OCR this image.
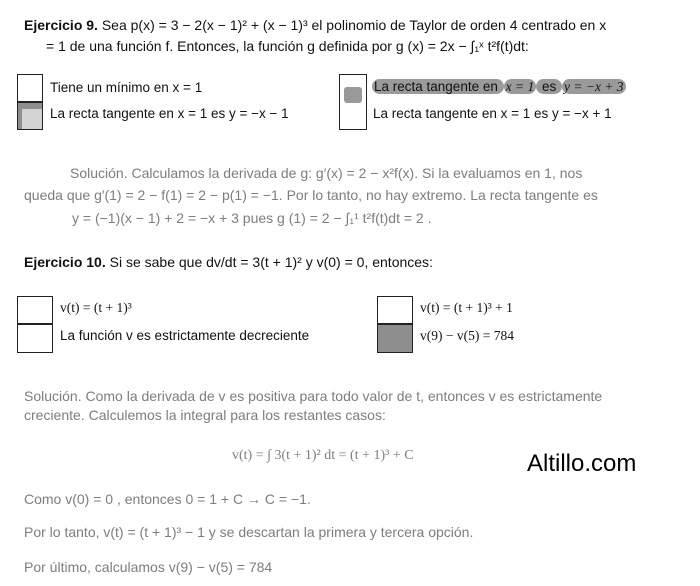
Ejercicio 9. Sea p(x) = 3 − 2(x − 1)² + (x − 1)³ el polinomio de Taylor de orden 4 centrado en x
= 1 de una función f. Entonces, la función g definida por g (x) = 2x − ∫₁ˣ t²f(t)dt:
Tiene un mínimo en x = 1
La recta tangente en x = 1 es y = −x − 1
La recta tangente en x = 1 es y = −x + 3
La recta tangente en x = 1 es y = −x + 1
Solución. Calculamos la derivada de g: g′(x) = 2 − x²f(x). Si la evaluamos en 1, nos
queda que g′(1) = 2 − f(1) = 2 − p(1) = −1. Por lo tanto, no hay extremo. La recta tangente es
y = (−1)(x − 1) + 2 = −x + 3 pues g (1) = 2 − ∫₁¹ t²f(t)dt = 2 .
Ejercicio 10. Si se sabe que dv/dt = 3(t + 1)² y v(0) = 0, entonces:
v(t) = (t + 1)³
La función v es estrictamente decreciente
v(t) = (t + 1)³ + 1
v(9) − v(5) = 784
Solución. Como la derivada de v es positiva para todo valor de t, entonces v es estrictamente
creciente. Calculemos la integral para los restantes casos:
v(t) = ∫ 3(t + 1)² dt = (t + 1)³ + C
Como v(0) = 0 , entonces 0 = 1 + C → C = −1.
Por lo tanto, v(t) = (t + 1)³ − 1 y se descartan la primera y tercera opción.
Por último, calculamos v(9) − v(5) = 784
Altillo.com
